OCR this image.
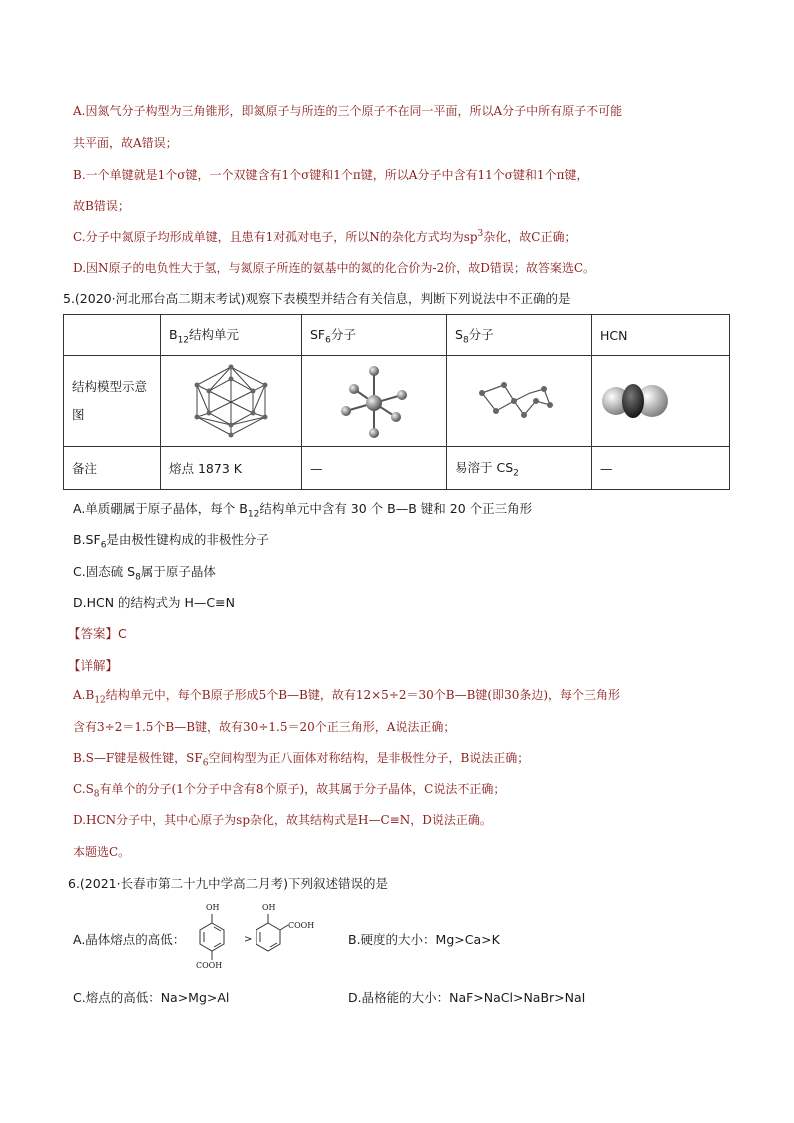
A.因氮气分子构型为三角锥形，即氮原子与所连的三个原子不在同一平面，所以A分子中所有原子不可能
共平面，故A错误；
B.一个单键就是1个σ键，一个双键含有1个σ键和1个π键，所以A分子中含有11个σ键和1个π键，
故B错误；
C.分子中氮原子均形成单键，且患有1对孤对电子，所以N的杂化方式均为$sp^3$杂化，故C正确；
D.因N原子的电负性大于氢，与氮原子所连的氨基中的氮的化合价为-2价，故D错误；故答案选C。
5.(2020·河北邢台高二期末考试)观察下表模型并结合有关信息，判断下列说法中不正确的是
	$B_{12}$结构单元	$SF_6$分子	$S_8$分子	HCN
结构模型示意图	

备注	熔点 1873 K	—	易溶于 $CS_2$	—
A.单质硼属于原子晶体，每个 $B_{12}$结构单元中含有 30 个 B—B 键和 20 个正三角形
$B.SF_6$是由极性键构成的非极性分子
C.固态硫 $S_8$属于原子晶体
D.HCN 的结构式为 H—C≡N
【答案】C
【详解】
$A.B_{12}$结构单元中，每个B原子形成5个B—B键，故有12×5÷2＝30个B—B键(即30条边)，每个三角形
含有3÷2＝1.5个B—B键，故有30÷1.5＝20个正三角形，A说法正确；
B.S—F键是极性键，$SF_6$空间构型为正八面体对称结构，是非极性分子，B说法正确；
$C.S_8$有单个的分子(1个分子中含有8个原子)，故其属于分子晶体，C说法不正确；
D.HCN分子中，其中心原子为sp杂化，故其结构式是H—C≡N，D说法正确。
本题选C。
6.(2021·长春市第二十九中学高二月考)下列叙述错误的是
A.晶体熔点的高低：
OH
COOH
>
OH
COOH
B.硬度的大小：Mg>Ca>K
C.熔点的高低：Na>Mg>Al	D.晶格能的大小：NaF>NaCl>NaBr>NaI
